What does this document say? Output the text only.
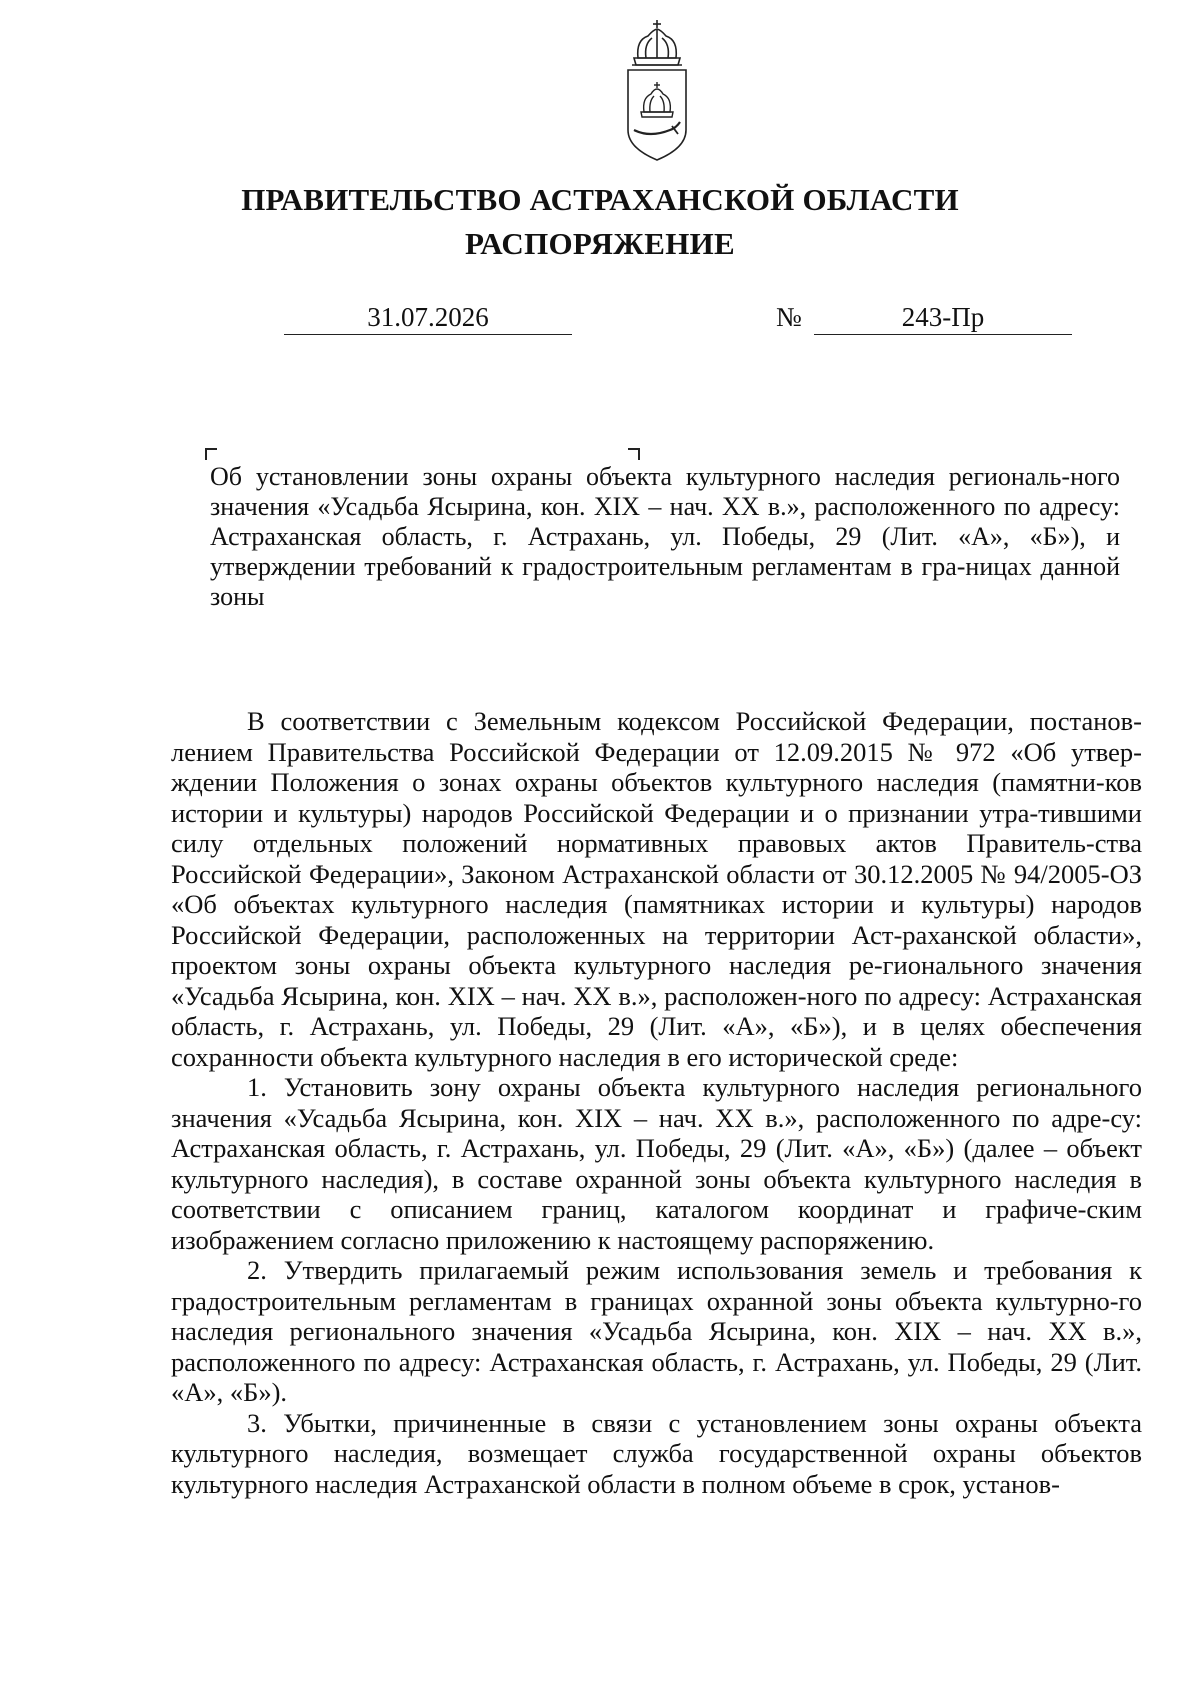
ПРАВИТЕЛЬСТВО АСТРАХАНСКОЙ ОБЛАСТИ
РАСПОРЯЖЕНИЕ
31.07.2026	№	243-Пр
Об установлении зоны охраны объекта культурного наследия региональ-ного значения «Усадьба Ясырина, кон. XIX – нач. XX в.», расположенного по адресу: Астраханская область, г. Астрахань, ул. Победы, 29 (Лит. «А», «Б»), и утверждении требований к градостроительным регламентам в гра-ницах данной зоны

В соответствии с Земельным кодексом Российской Федерации, постанов-лением Правительства Российской Федерации от 12.09.2015 № 972 «Об утвер-ждении Положения о зонах охраны объектов культурного наследия (памятни-ков истории и культуры) народов Российской Федерации и о признании утра-тившими силу отдельных положений нормативных правовых актов Правитель-ства Российской Федерации», Законом Астраханской области от 30.12.2005 № 94/2005-ОЗ «Об объектах культурного наследия (памятниках истории и культуры) народов Российской Федерации, расположенных на территории Аст-раханской области», проектом зоны охраны объекта культурного наследия ре-гионального значения «Усадьба Ясырина, кон. XIX – нач. XX в.», расположен-ного по адресу: Астраханская область, г. Астрахань, ул. Победы, 29 (Лит. «А», «Б»), и в целях обеспечения сохранности объекта культурного наследия в его исторической среде:

1. Установить зону охраны объекта культурного наследия регионального значения «Усадьба Ясырина, кон. XIX – нач. XX в.», расположенного по адре-су: Астраханская область, г. Астрахань, ул. Победы, 29 (Лит. «А», «Б») (далее – объект культурного наследия), в составе охранной зоны объекта культурного наследия в соответствии с описанием границ, каталогом координат и графиче-ским изображением согласно приложению к настоящему распоряжению.

2. Утвердить прилагаемый режим использования земель и требования к градостроительным регламентам в границах охранной зоны объекта культурно-го наследия регионального значения «Усадьба Ясырина, кон. XIX – нач. XX в.», расположенного по адресу: Астраханская область, г. Астрахань, ул. Победы, 29 (Лит. «А», «Б»).

3. Убытки, причиненные в связи с установлением зоны охраны объекта культурного наследия, возмещает служба государственной охраны объектов культурного наследия Астраханской области в полном объеме в срок, установ-
